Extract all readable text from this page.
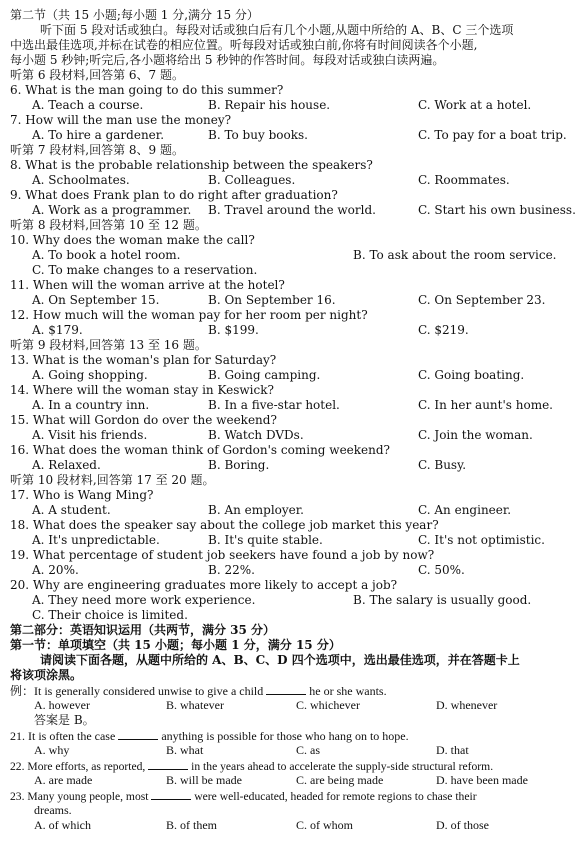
第二节（共 15 小题;每小题 1 分,满分 15 分）
听下面 5 段对话或独白。每段对话或独白后有几个小题,从题中所给的 A、B、C 三个选项
中选出最佳选项,并标在试卷的相应位置。听每段对话或独白前,你将有时间阅读各个小题,
每小题 5 秒钟;听完后,各小题将给出 5 秒钟的作答时间。每段对话或独白读两遍。
听第 6 段材料,回答第 6、7 题。
6. What is the man going to do this summer?
A. Teach a course.	B. Repair his house.	C. Work at a hotel.
7. How will the man use the money?
A. To hire a gardener.	B. To buy books.	C. To pay for a boat trip.
听第 7 段材料,回答第 8、9 题。
8. What is the probable relationship between the speakers?
A. Schoolmates.	B. Colleagues.	C. Roommates.
9. What does Frank plan to do right after graduation?
A. Work as a programmer. B. Travel around the world.	C. Start his own business.
听第 8 段材料,回答第 10 至 12 题。
10. Why does the woman make the call?
A. To book a hotel room.	B. To ask about the room service.
C. To make changes to a reservation.
11. When will the woman arrive at the hotel?
A. On September 15.	B. On September 16.	C. On September 23.
12. How much will the woman pay for her room per night?
A. $179.	B. $199.	C. $219.
听第 9 段材料,回答第 13 至 16 题。
13. What is the woman's plan for Saturday?
A. Going shopping.	B. Going camping.	C. Going boating.
14. Where will the woman stay in Keswick?
A. In a country inn.	B. In a five-star hotel.	C. In her aunt's home.
15. What will Gordon do over the weekend?
A. Visit his friends.	B. Watch DVDs.	C. Join the woman.
16. What does the woman think of Gordon's coming weekend?
A. Relaxed.	B. Boring.	C. Busy.
听第 10 段材料,回答第 17 至 20 题。
17. Who is Wang Ming?
A. A student.	B. An employer.	C. An engineer.
18. What does the speaker say about the college job market this year?
A. It's unpredictable.	B. It's quite stable.	C. It's not optimistic.
19. What percentage of student job seekers have found a job by now?
A. 20%.	B. 22%.	C. 50%.
20. Why are engineering graduates more likely to accept a job?
A. They need more work experience.	B. The salary is usually good.
C. Their choice is limited.
第二部分：英语知识运用（共两节，满分 35 分）
第一节：单项填空（共 15 小题；每小题 1 分，满分 15 分）
请阅读下面各题，从题中所给的 A、B、C、D 四个选项中，选出最佳选项，并在答题卡上
将该项涂黑。
例：It is generally considered unwise to give a child	he or she wants.
A. however	B. whatever	C. whichever	D. whenever
答案是 B。
21. It is often the case	anything is possible for those who hang on to hope.
A. why	B. what	C. as	D. that
22. More efforts, as reported,	in the years ahead to accelerate the supply-side structural reform.
A. are made	B. will be made	C. are being made	D. have been made
23. Many young people, most	were well-educated, headed for remote regions to chase their
dreams.
A. of which	B. of them	C. of whom	D. of those
